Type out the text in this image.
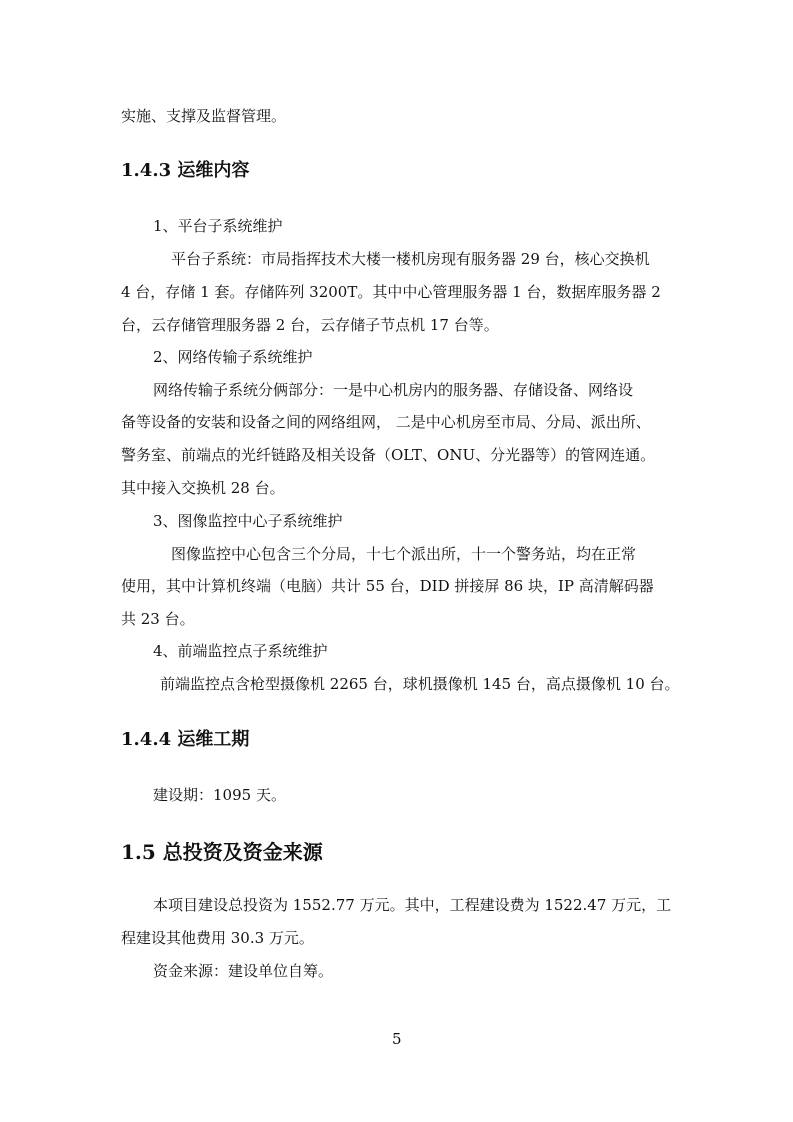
实施、支撑及监督管理。
1.4.3 运维内容
1、平台子系统维护
平台子系统：市局指挥技术大楼一楼机房现有服务器 29 台，核心交换机
4 台，存储 1 套。存储阵列 3200T。其中中心管理服务器 1 台，数据库服务器 2
台，云存储管理服务器 2 台，云存储子节点机 17 台等。
2、网络传输子系统维护
网络传输子系统分俩部分：一是中心机房内的服务器、存储设备、网络设
备等设备的安装和设备之间的网络组网， 二是中心机房至市局、分局、派出所、
警务室、前端点的光纤链路及相关设备（OLT、ONU、分光器等）的管网连通。
其中接入交换机 28 台。
3、图像监控中心子系统维护
图像监控中心包含三个分局，十七个派出所，十一个警务站，均在正常
使用，其中计算机终端（电脑）共计 55 台，DID 拼接屏 86 块，IP 高清解码器
共 23 台。
4、前端监控点子系统维护
前端监控点含枪型摄像机 2265 台，球机摄像机 145 台，高点摄像机 10 台。
1.4.4 运维工期
建设期：1095 天。
1.5 总投资及资金来源
本项目建设总投资为 1552.77 万元。其中，工程建设费为 1522.47 万元，工
程建设其他费用 30.3 万元。
资金来源：建设单位自筹。
5
